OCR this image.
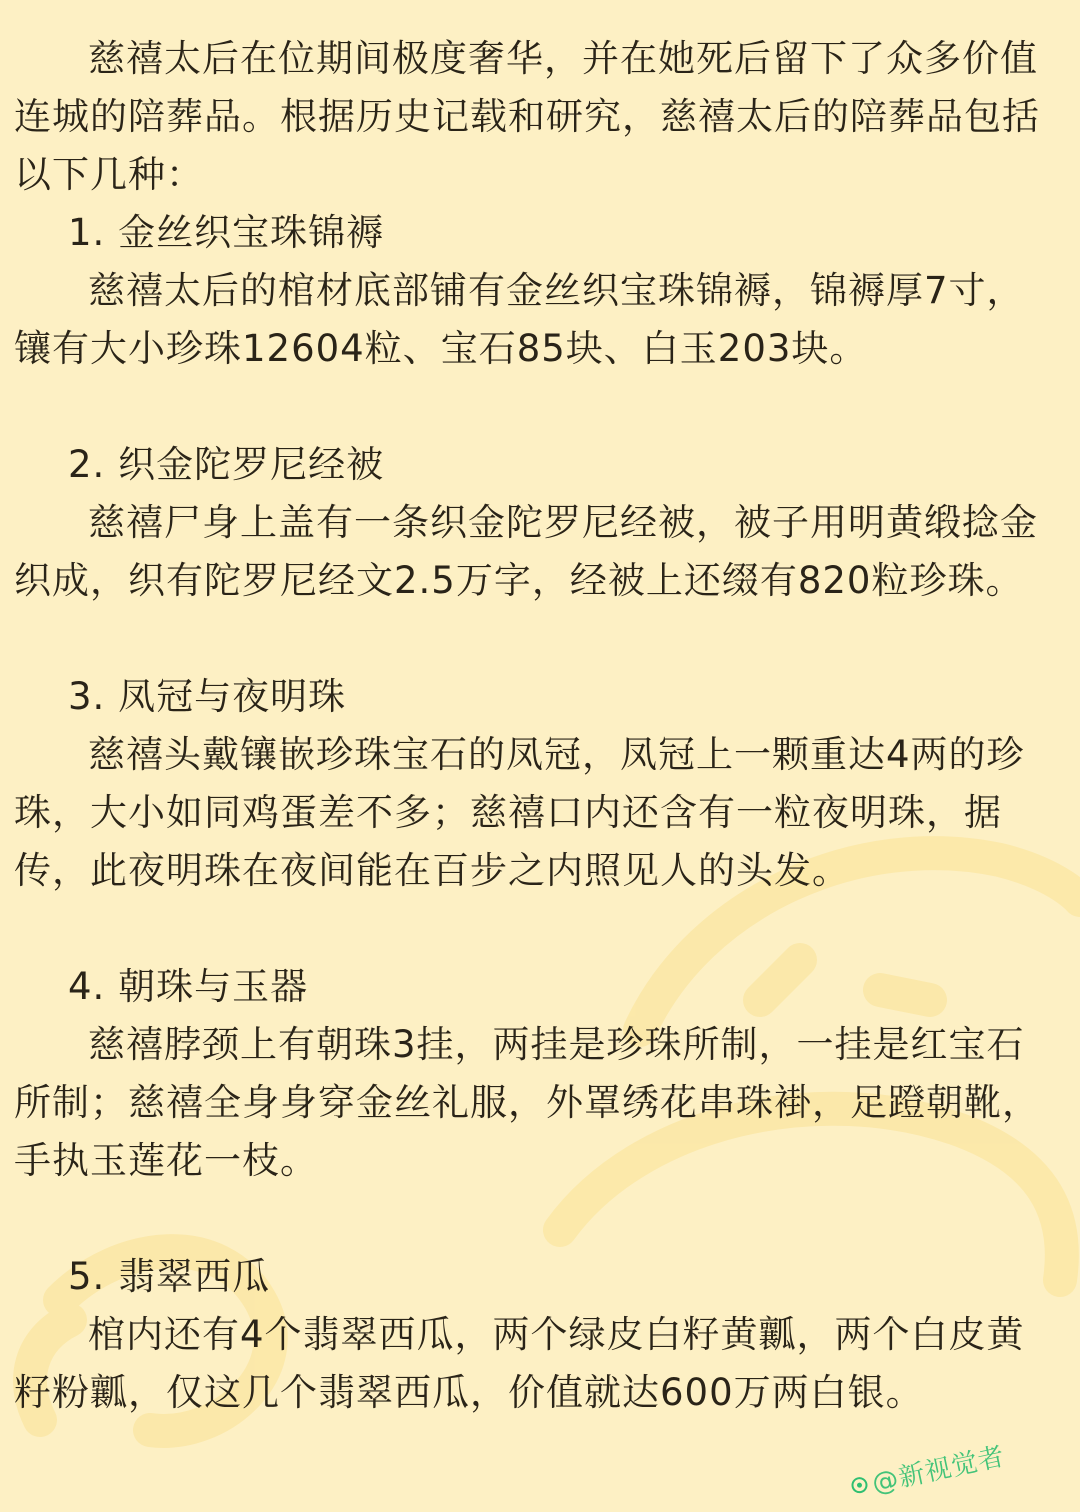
慈禧太后在位期间极度奢华，并在她死后留下了众多价值连城的陪葬品。根据历史记载和研究，慈禧太后的陪葬品包括以下几种：

1. 金丝织宝珠锦褥

慈禧太后的棺材底部铺有金丝织宝珠锦褥，锦褥厚7寸，镶有大小珍珠12604粒、宝石85块、白玉203块。

2. 织金陀罗尼经被

慈禧尸身上盖有一条织金陀罗尼经被，被子用明黄缎捻金织成，织有陀罗尼经文2.5万字，经被上还缀有820粒珍珠。

3. 凤冠与夜明珠

慈禧头戴镶嵌珍珠宝石的凤冠，凤冠上一颗重达4两的珍珠，大小如同鸡蛋差不多；慈禧口内还含有一粒夜明珠，据传，此夜明珠在夜间能在百步之内照见人的头发。

4. 朝珠与玉器

慈禧脖颈上有朝珠3挂，两挂是珍珠所制，一挂是红宝石所制；慈禧全身身穿金丝礼服，外罩绣花串珠褂，足蹬朝靴，手执玉莲花一枝。

5. 翡翠西瓜

棺内还有4个翡翠西瓜，两个绿皮白籽黄瓤，两个白皮黄籽粉瓤，仅这几个翡翠西瓜，价值就达600万两白银。

@新视觉者
